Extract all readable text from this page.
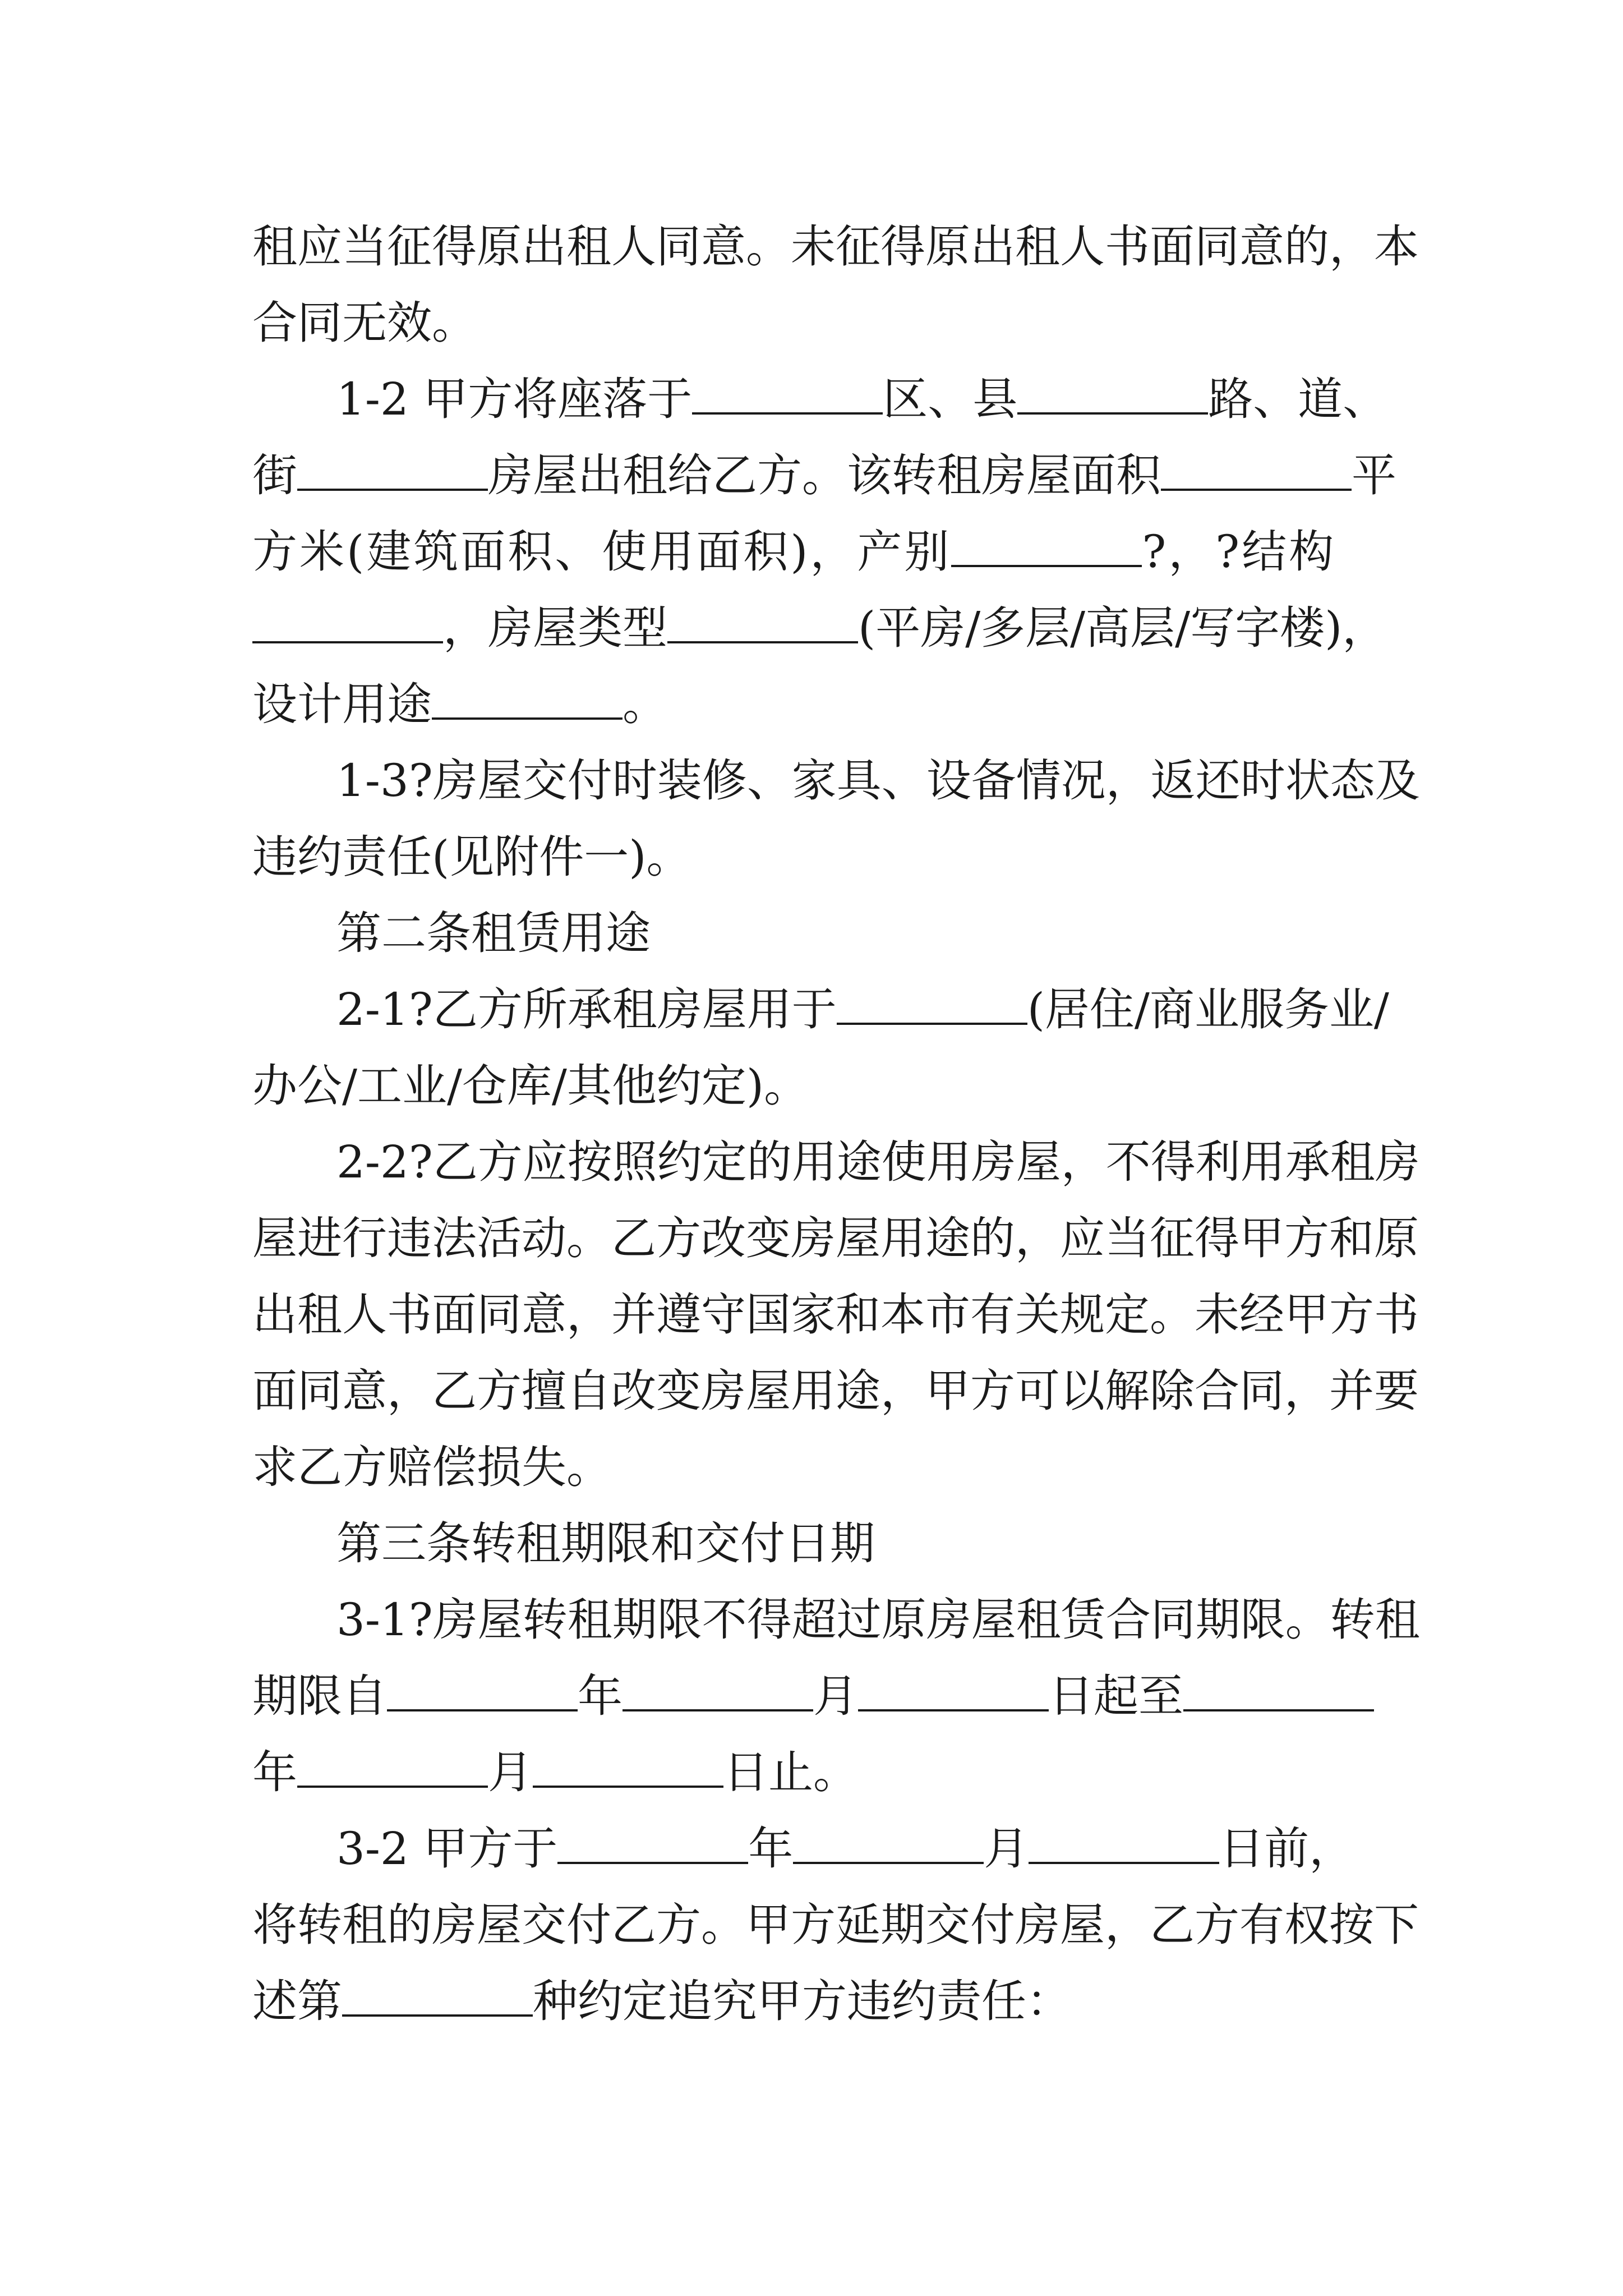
租应当征得原出租人同意。未征得原出租人书面同意的，本
合同无效。
1-2 甲方将座落于	区、县	路、道、
街	房屋出租给乙方。该转租房屋面积	平
方米(建筑面积、使用面积)，产别	?，?结构
，房屋类型	(平房/多层/高层/写字楼)，
设计用途	。
1-3?房屋交付时装修、家具、设备情况，返还时状态及
违约责任(见附件一)。
第二条租赁用途
2-1?乙方所承租房屋用于	(居住/商业服务业/
办公/工业/仓库/其他约定)。
2-2?乙方应按照约定的用途使用房屋，不得利用承租房
屋进行违法活动。乙方改变房屋用途的，应当征得甲方和原
出租人书面同意，并遵守国家和本市有关规定。未经甲方书
面同意，乙方擅自改变房屋用途，甲方可以解除合同，并要
求乙方赔偿损失。
第三条转租期限和交付日期
3-1?房屋转租期限不得超过原房屋租赁合同期限。转租
期限自	年	月	日起至
年	月	日止。
3-2 甲方于	年	月	日前，
将转租的房屋交付乙方。甲方延期交付房屋，乙方有权按下
述第	种约定追究甲方违约责任：
